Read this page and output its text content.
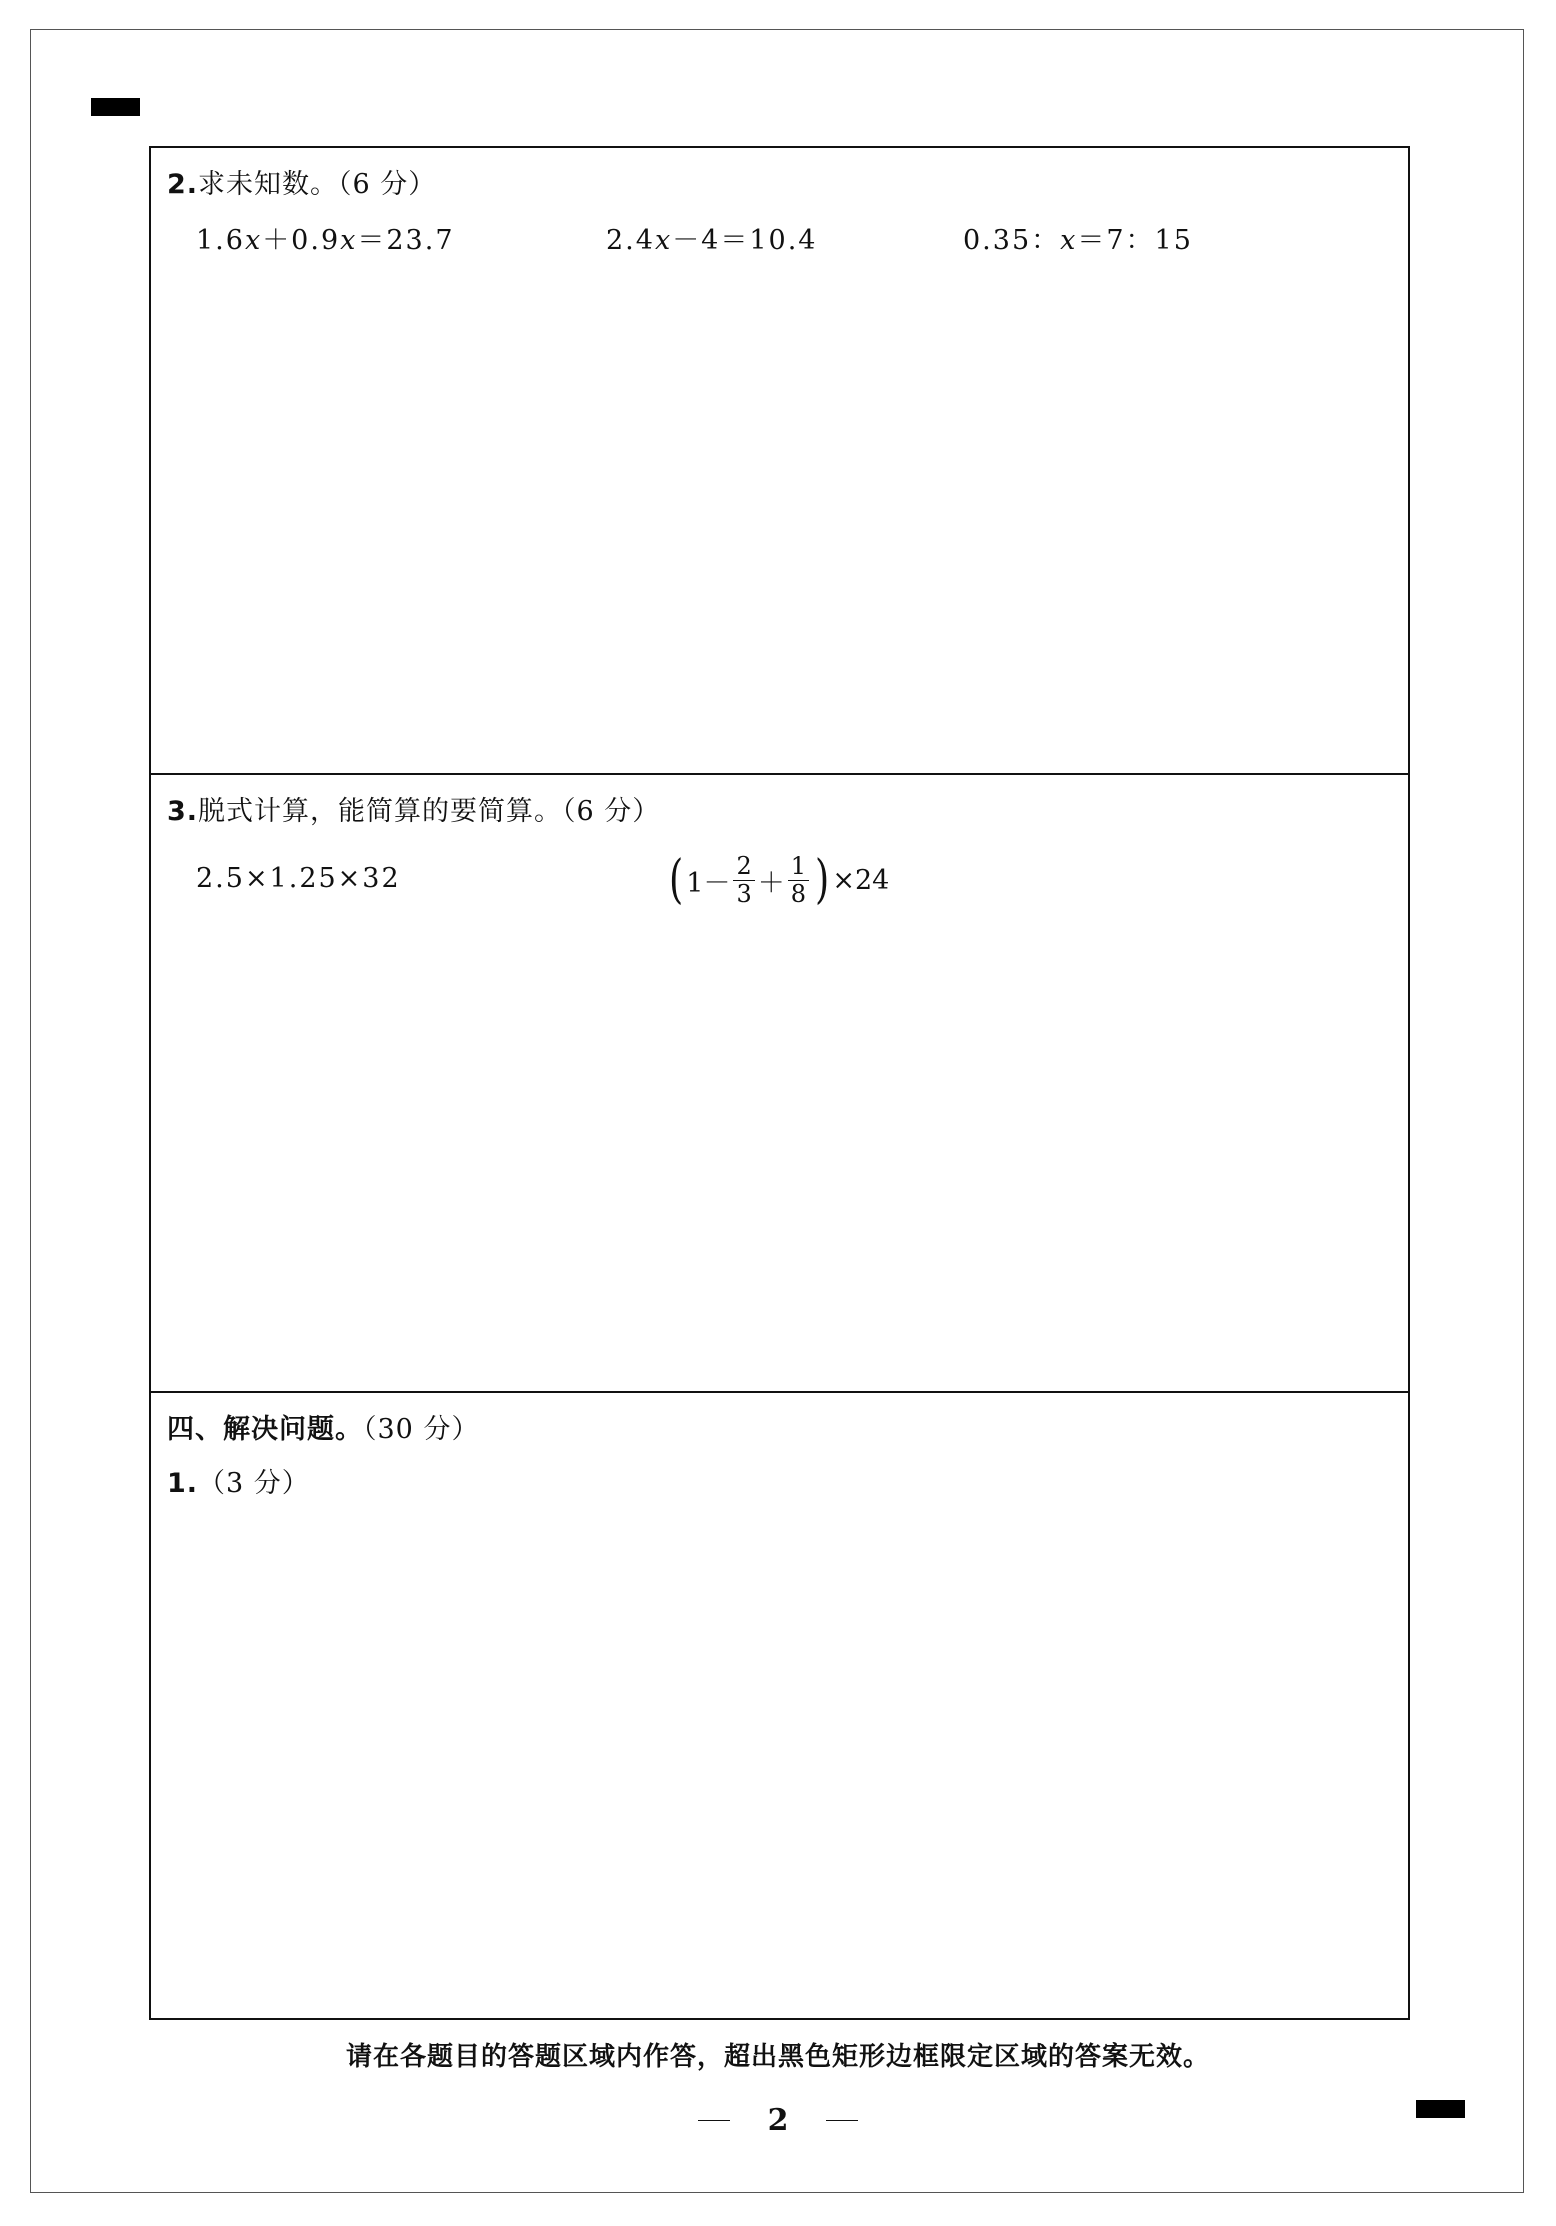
2.求未知数。（6 分）
1.6x＋0.9x＝23.7	2.4x－4＝10.4	0.35：x＝7：15
3.脱式计算，能简算的要简算。（6 分）
2.5×1.25×32	( $1- \frac{2}{3} + \frac{1}{8}$ ) ×24
四、解决问题。（30 分）
1.（3 分）
请在各题目的答题区域内作答，超出黑色矩形边框限定区域的答案无效。
2
